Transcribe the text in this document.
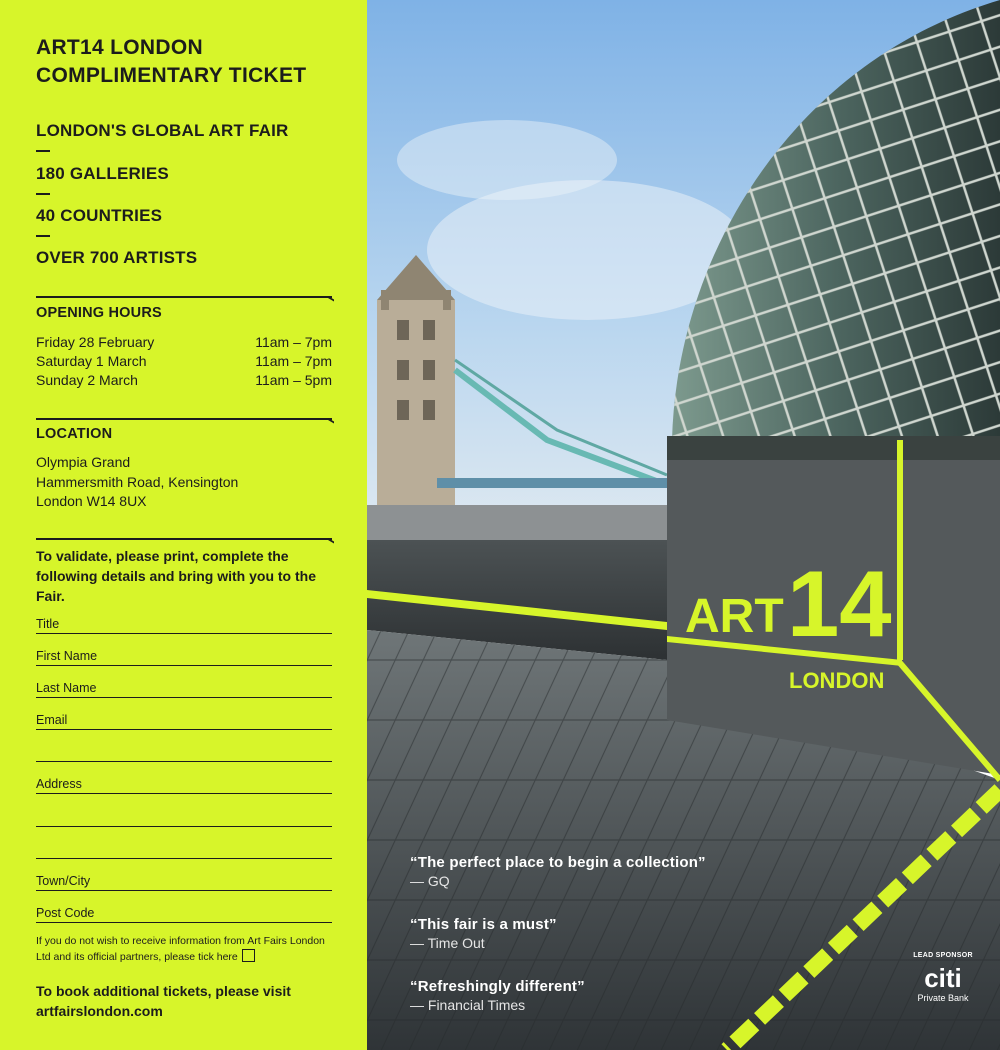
ART14 LONDON
COMPLIMENTARY TICKET
LONDON'S GLOBAL ART FAIR
180 GALLERIES
40 COUNTRIES
OVER 700 ARTISTS
OPENING HOURS
Friday 28 February	11am – 7pm
Saturday 1 March	11am – 7pm
Sunday 2 March	11am – 5pm
LOCATION
Olympia Grand
Hammersmith Road, Kensington
London W14 8UX
To validate, please print, complete the following details and bring with you to the Fair.
Title
First Name
Last Name
Email
Address
Town/City
Post Code
If you do not wish to receive information from Art Fairs London Ltd and its official partners, please tick here
To book additional tickets, please visit
artfairslondon.com
ART 14
LONDON
“The perfect place to begin a collection”
— GQ
“This fair is a must”
— Time Out
“Refreshingly different”
— Financial Times
LEAD SPONSOR
citi
Private Bank
